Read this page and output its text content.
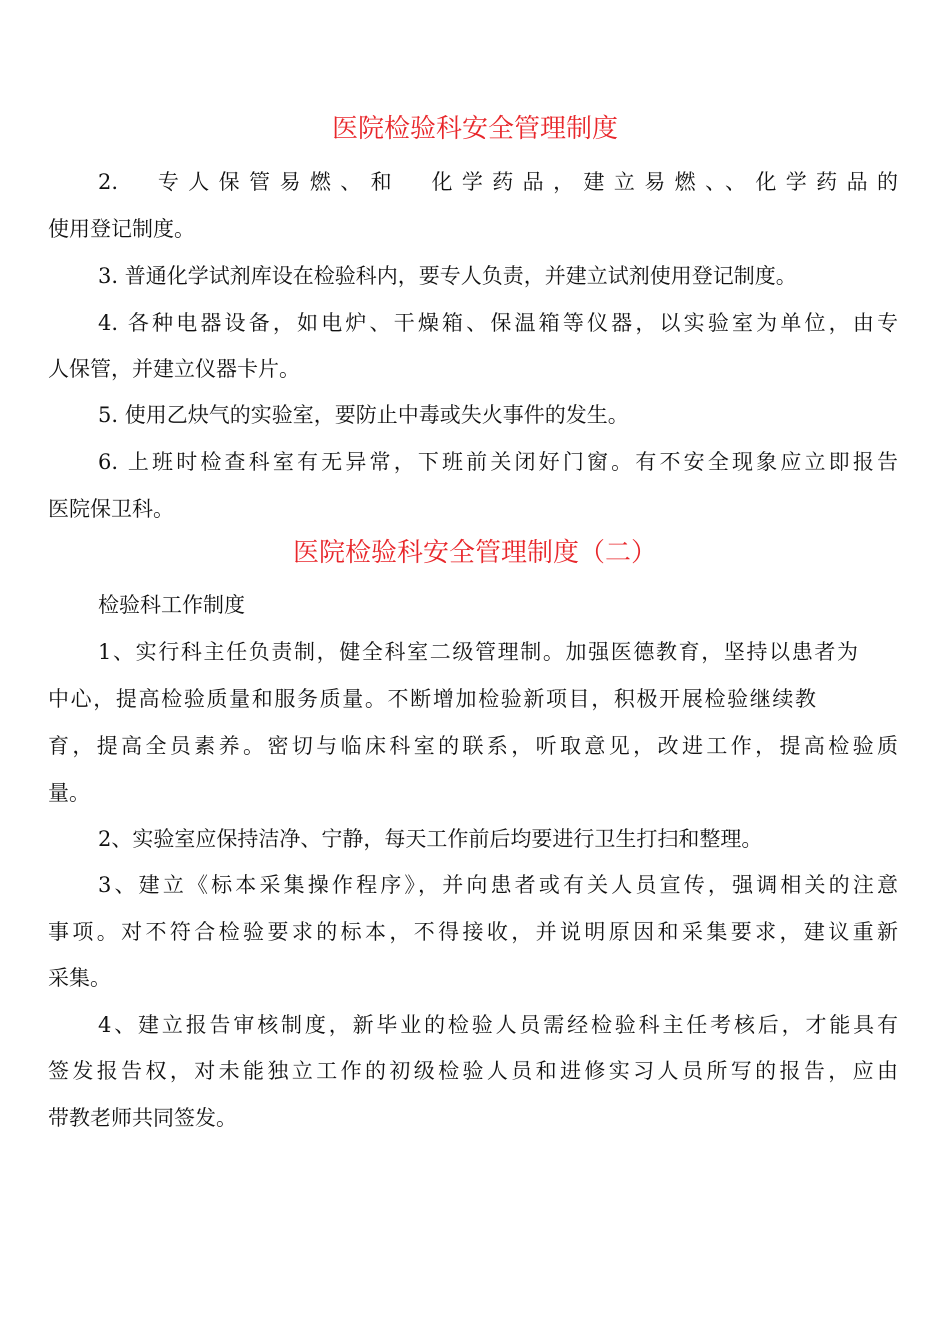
医院检验科安全管理制度
2.　专人保管易燃、和　化学药品，建立易燃、、化学药品的
使用登记制度。
3. 普通化学试剂库设在检验科内，要专人负责，并建立试剂使用登记制度。
4. 各种电器设备，如电炉、干燥箱、保温箱等仪器，以实验室为单位，由专
人保管，并建立仪器卡片。
5. 使用乙炔气的实验室，要防止中毒或失火事件的发生。
6. 上班时检查科室有无异常，下班前关闭好门窗。有不安全现象应立即报告
医院保卫科。
医院检验科安全管理制度（二）
检验科工作制度
1、实行科主任负责制，健全科室二级管理制。加强医德教育，坚持以患者为
中心，提高检验质量和服务质量。不断增加检验新项目，积极开展检验继续教
育，提高全员素养。密切与临床科室的联系，听取意见，改进工作，提高检验质
量。
2、实验室应保持洁净、宁静，每天工作前后均要进行卫生打扫和整理。
3、建立《标本采集操作程序》，并向患者或有关人员宣传，强调相关的注意
事项。对不符合检验要求的标本，不得接收，并说明原因和采集要求，建议重新
采集。
4、建立报告审核制度，新毕业的检验人员需经检验科主任考核后，才能具有
签发报告权，对未能独立工作的初级检验人员和进修实习人员所写的报告，应由
带教老师共同签发。
